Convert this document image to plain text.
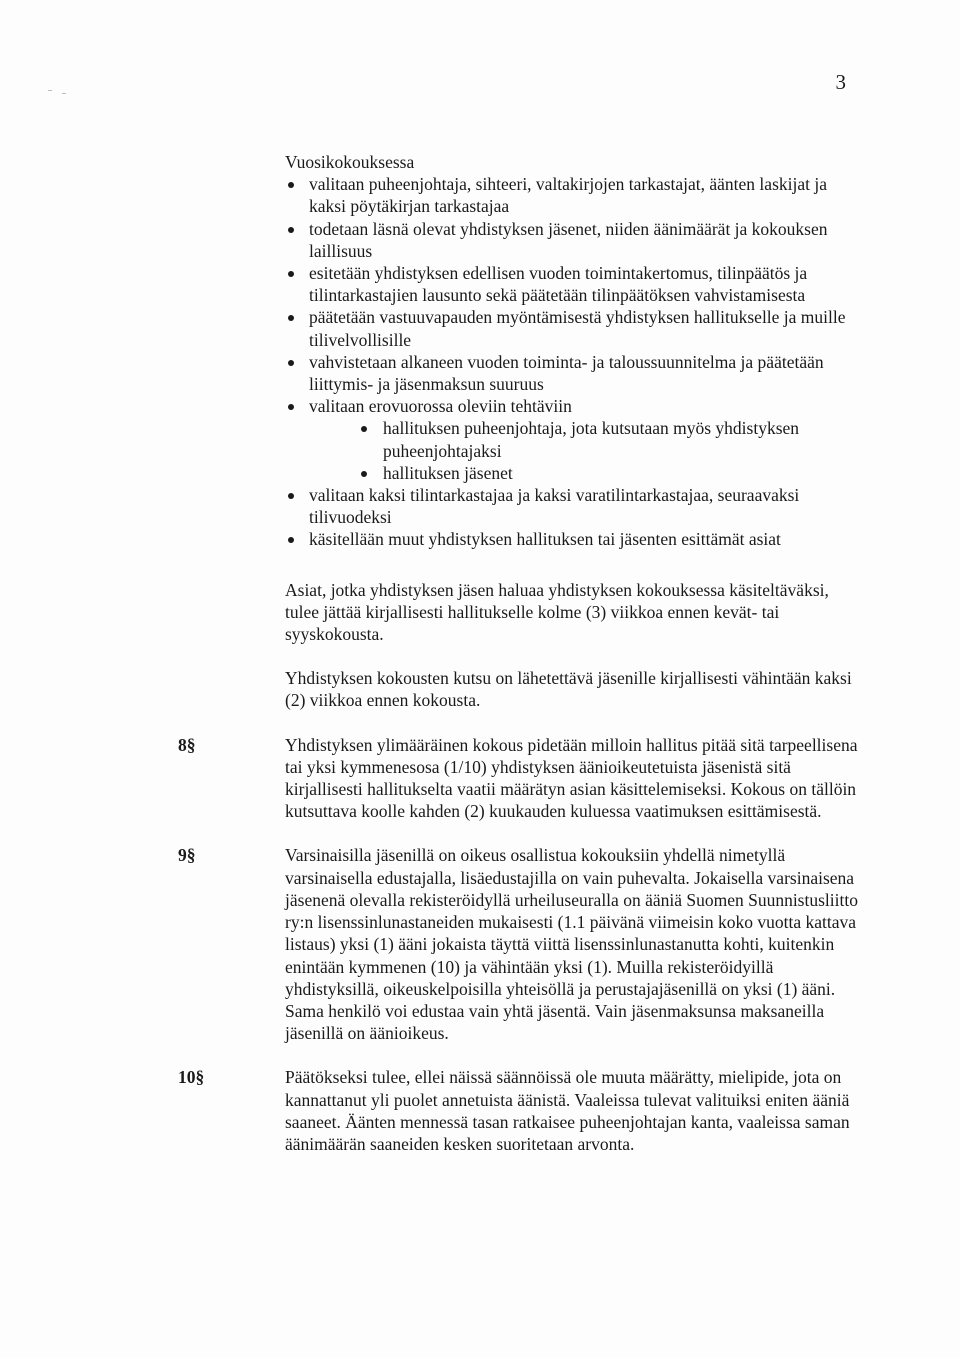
3

Vuosikokouksessa

valitaan puheenjohtaja, sihteeri, valtakirjojen tarkastajat, äänten laskijat ja kaksi pöytäkirjan tarkastajaa
todetaan läsnä olevat yhdistyksen jäsenet, niiden äänimäärät ja kokouksen laillisuus
esitetään yhdistyksen edellisen vuoden toimintakertomus, tilinpäätös ja tilintarkastajien lausunto sekä päätetään tilinpäätöksen vahvistamisesta
päätetään vastuuvapauden myöntämisestä yhdistyksen hallitukselle ja muille tilivelvollisille
vahvistetaan alkaneen vuoden toiminta- ja taloussuunnitelma ja päätetään liittymis- ja jäsenmaksun suuruus
valitaan erovuorossa oleviin tehtäviin
hallituksen puheenjohtaja, jota kutsutaan myös yhdistyksen puheenjohtajaksi
hallituksen jäsenet
valitaan kaksi tilintarkastajaa ja kaksi varatilintarkastajaa, seuraavaksi tilivuodeksi
käsitellään muut yhdistyksen hallituksen tai jäsenten esittämät asiat

Asiat, jotka yhdistyksen jäsen haluaa yhdistyksen kokouksessa käsiteltäväksi, tulee jättää kirjallisesti hallitukselle kolme (3) viikkoa ennen kevät- tai syyskokousta.

Yhdistyksen kokousten kutsu on lähetettävä jäsenille kirjallisesti vähintään kaksi (2) viikkoa ennen kokousta.

8§	Yhdistyksen ylimääräinen kokous pidetään milloin hallitus pitää sitä tarpeellisena tai yksi kymmenesosa (1/10) yhdistyksen äänioikeutetuista jäsenistä sitä kirjallisesti hallitukselta vaatii määrätyn asian käsittelemiseksi. Kokous on tällöin kutsuttava koolle kahden (2) kuukauden kuluessa vaatimuksen esittämisestä.

9§	Varsinaisilla jäsenillä on oikeus osallistua kokouksiin yhdellä nimetyllä varsinaisella edustajalla, lisäedustajilla on vain puhevalta. Jokaisella varsinaisena jäsenenä olevalla rekisteröidyllä urheiluseuralla on ääniä Suomen Suunnistusliitto ry:n lisenssinlunastaneiden mukaisesti (1.1 päivänä viimeisin koko vuotta kattava listaus) yksi (1) ääni jokaista täyttä viittä lisenssinlunastanutta kohti, kuitenkin enintään kymmenen (10) ja vähintään yksi (1). Muilla rekisteröidyillä yhdistyksillä, oikeuskelpoisilla yhteisöllä ja perustajajäsenillä on yksi (1) ääni. Sama henkilö voi edustaa vain yhtä jäsentä. Vain jäsenmaksunsa maksaneilla jäsenillä on äänioikeus.

10§	Päätökseksi tulee, ellei näissä säännöissä ole muuta määrätty, mielipide, jota on kannattanut yli puolet annetuista äänistä. Vaaleissa tulevat valituiksi eniten ääniä saaneet. Äänten mennessä tasan ratkaisee puheenjohtajan kanta, vaaleissa saman äänimäärän saaneiden kesken suoritetaan arvonta.
